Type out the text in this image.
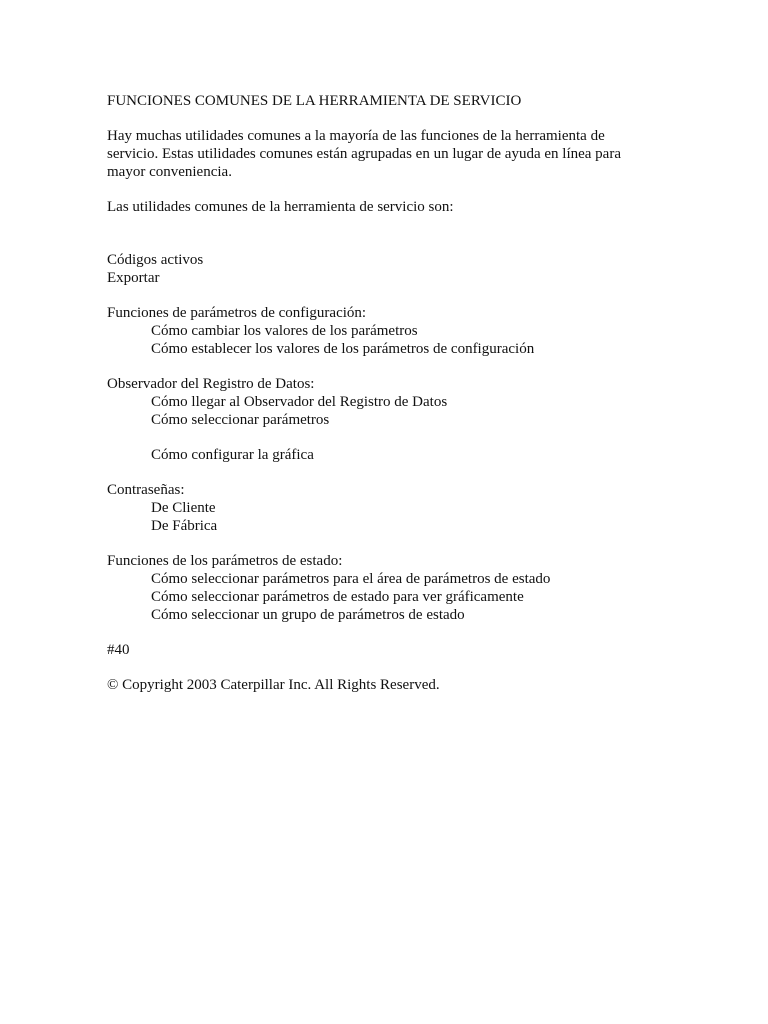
FUNCIONES COMUNES DE LA HERRAMIENTA DE SERVICIO
Hay muchas utilidades comunes a la mayoría de las funciones de la herramienta de
servicio. Estas utilidades comunes están agrupadas en un lugar de ayuda en línea para
mayor conveniencia.
Las utilidades comunes de la herramienta de servicio son:
Códigos activos
Exportar
Funciones de parámetros de configuración:
Cómo cambiar los valores de los parámetros
Cómo establecer los valores de los parámetros de configuración
Observador del Registro de Datos:
Cómo llegar al Observador del Registro de Datos
Cómo seleccionar parámetros
Cómo configurar la gráfica
Contraseñas:
De Cliente
De Fábrica
Funciones de los parámetros de estado:
Cómo seleccionar parámetros para el área de parámetros de estado
Cómo seleccionar parámetros de estado para ver gráficamente
Cómo seleccionar un grupo de parámetros de estado
#40
© Copyright 2003 Caterpillar Inc. All Rights Reserved.
